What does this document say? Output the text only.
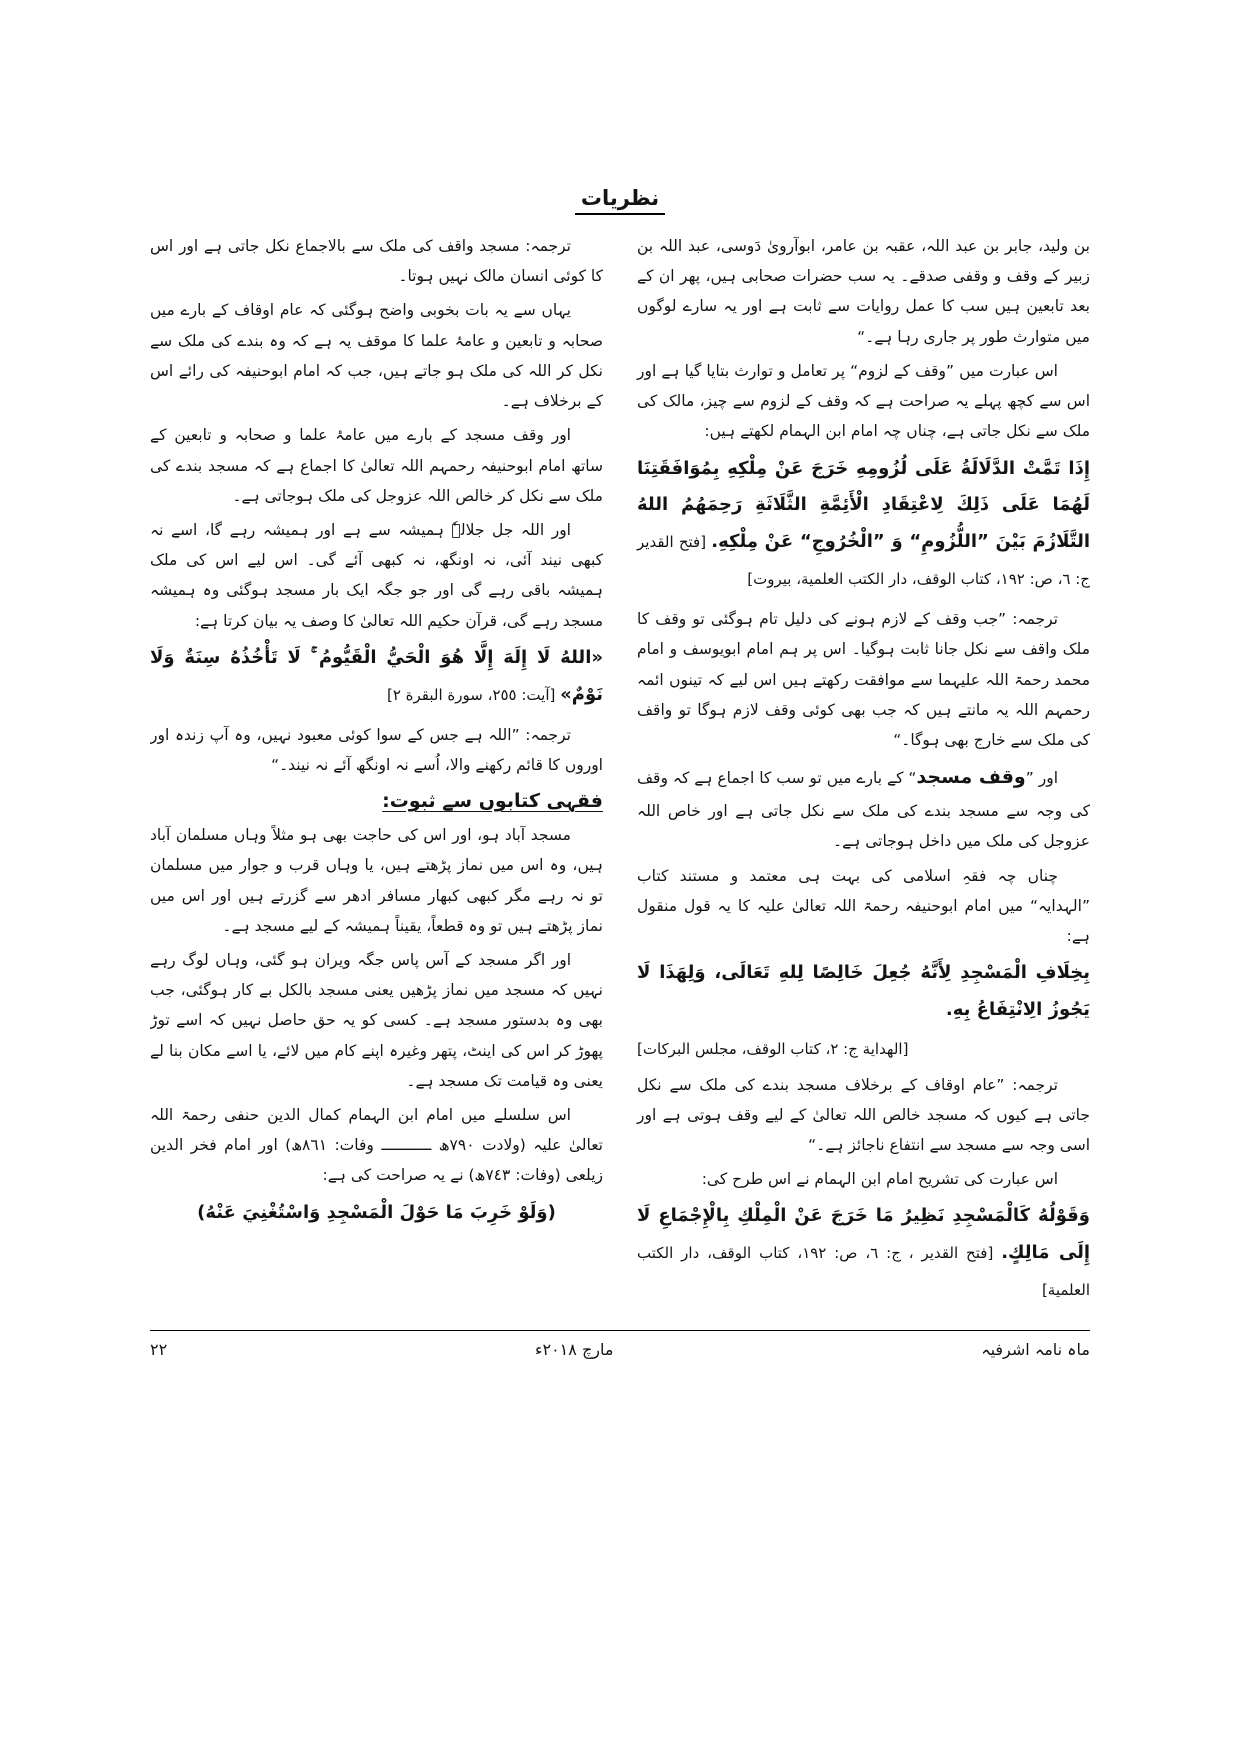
نظریات

بن ولید، جابر بن عبد اللہ، عقبہ بن عامر، ابوآرویٰ دَوسی، عبد اللہ بن زبیر کے وقف و وقفی صدقے۔ یہ سب حضرات صحابی ہیں، پھر ان کے بعد تابعین ہیں سب کا عمل روایات سے ثابت ہے اور یہ سارے لوگوں میں متوارث طور پر جاری رہا ہے۔“

اس عبارت میں ”وقف کے لزوم“ پر تعامل و توارث بتایا گیا ہے اور اس سے کچھ پہلے یہ صراحت ہے کہ وقف کے لزوم سے چیز، مالک کی ملک سے نکل جاتی ہے، چناں چہ امام ابن الہمام لکھتے ہیں:

إِذَا تَمَّتْ الدَّلَالَةُ عَلَى لُزُومِهِ خَرَجَ عَنْ مِلْكِهِ بِمُوَافَقَتِنَا لَهُمَا عَلَى ذَلِكَ لِاعْتِقَادِ الْأَئِمَّةِ الثَّلَاثَةِ رَحِمَهُمُ اللهُ التَّلَازُمَ بَيْنَ ”اللُّزُومِ“ وَ ”الْخُرُوجِ“ عَنْ مِلْكِهِ. [فتح القدير ج: ٦، ص: ١٩٢، كتاب الوقف، دار الكتب العلمية، بيروت]

ترجمہ: ”جب وقف کے لازم ہونے کی دلیل تام ہوگئی تو وقف کا ملک واقف سے نکل جانا ثابت ہوگیا۔ اس پر ہم امام ابویوسف و امام محمد رحمۃ اللہ علیہما سے موافقت رکھتے ہیں اس لیے کہ تینوں ائمہ رحمہم اللہ یہ مانتے ہیں کہ جب بھی کوئی وقف لازم ہوگا تو واقف کی ملک سے خارج بھی ہوگا۔“

اور ”وقف مسجد“ کے بارے میں تو سب کا اجماع ہے کہ وقف کی وجہ سے مسجد بندے کی ملک سے نکل جاتی ہے اور خاص اللہ عزوجل کی ملک میں داخل ہوجاتی ہے۔

چناں چہ فقہِ اسلامی کی بہت ہی معتمد و مستند کتاب ”الہدایہ“ میں امام ابوحنیفہ رحمۃ اللہ تعالیٰ علیہ کا یہ قول منقول ہے:

بِخِلَافِ الْمَسْجِدِ لِأَنَّهُ جُعِلَ خَالِصًا لِلهِ تَعَالَى، وَلِهَذَا لَا يَجُوزُ الِانْتِفَاعُ بِهِ.

[الهداية ج: ٢، كتاب الوقف، مجلس البركات]

ترجمہ: ”عام اوقاف کے برخلاف مسجد بندے کی ملک سے نکل جاتی ہے کیوں کہ مسجد خالص اللہ تعالیٰ کے لیے وقف ہوتی ہے اور اسی وجہ سے مسجد سے انتفاع ناجائز ہے۔“

اس عبارت کی تشریح امام ابن الہمام نے اس طرح کی:

وَقَوْلُهُ كَالْمَسْجِدِ نَظِيرُ مَا خَرَجَ عَنْ الْمِلْكِ بِالْإِجْمَاعِ لَا إِلَى مَالِكٍ. [فتح القدير ، ج: ٦، ص: ١٩٢، كتاب الوقف، دار الكتب العلمية]

ترجمہ: مسجد واقف کی ملک سے بالاجماع نکل جاتی ہے اور اس کا کوئی انسان مالک نہیں ہوتا۔

یہاں سے یہ بات بخوبی واضح ہوگئی کہ عام اوقاف کے بارے میں صحابہ و تابعین و عامۂ علما کا موقف یہ ہے کہ وہ بندے کی ملک سے نکل کر اللہ کی ملک ہو جاتے ہیں، جب کہ امام ابوحنیفہ کی رائے اس کے برخلاف ہے۔

اور وقف مسجد کے بارے میں عامۂ علما و صحابہ و تابعین کے ساتھ امام ابوحنیفہ رحمہم اللہ تعالیٰ کا اجماع ہے کہ مسجد بندے کی ملک سے نکل کر خالص اللہ عزوجل کی ملک ہوجاتی ہے۔

اور اللہ جل جلالہٗ ہمیشہ سے ہے اور ہمیشہ رہے گا، اسے نہ کبھی نیند آئی، نہ اونگھ، نہ کبھی آئے گی۔ اس لیے اس کی ملک ہمیشہ باقی رہے گی اور جو جگہ ایک بار مسجد ہوگئی وہ ہمیشہ مسجد رہے گی، قرآن حکیم اللہ تعالیٰ کا وصف یہ بیان کرتا ہے:

«اللهُ لَا إِلَهَ إِلَّا هُوَ الْحَيُّ الْقَيُّومُ ۚ لَا تَأْخُذُهُ سِنَةٌ وَلَا نَوْمٌ» [آیت: ٢٥٥، سورة البقرة ٢]

ترجمہ: ”اللہ ہے جس کے سوا کوئی معبود نہیں، وہ آپ زندہ اور اوروں کا قائم رکھنے والا، اُسے نہ اونگھ آئے نہ نیند۔“

فقہی کتابوں سے ثبوت:

مسجد آباد ہو، اور اس کی حاجت بھی ہو مثلاً وہاں مسلمان آباد ہیں، وہ اس میں نماز پڑھتے ہیں، یا وہاں قرب و جوار میں مسلمان تو نہ رہے مگر کبھی کبھار مسافر ادھر سے گزرتے ہیں اور اس میں نماز پڑھتے ہیں تو وہ قطعاً، یقیناً ہمیشہ کے لیے مسجد ہے۔

اور اگر مسجد کے آس پاس جگہ ویران ہو گئی، وہاں لوگ رہے نہیں کہ مسجد میں نماز پڑھیں یعنی مسجد بالکل بے کار ہوگئی، جب بھی وہ بدستور مسجد ہے۔ کسی کو یہ حق حاصل نہیں کہ اسے توڑ پھوڑ کر اس کی اینٹ، پتھر وغیرہ اپنے کام میں لائے، یا اسے مکان بنا لے یعنی وہ قیامت تک مسجد ہے۔

اس سلسلے میں امام ابن الہمام کمال الدین حنفی رحمۃ اللہ تعالیٰ علیہ (ولادت ٧٩٠ھ ـــــــــــ وفات: ٨٦١ھ) اور امام فخر الدین زیلعی (وفات: ٧٤٣ھ) نے یہ صراحت کی ہے:

(وَلَوْ خَرِبَ مَا حَوْلَ الْمَسْجِدِ وَاسْتُغْنِيَ عَنْهُ)

ماہ نامہ اشرفیہ
مارچ ۲۰۱۸ء
۲۲
